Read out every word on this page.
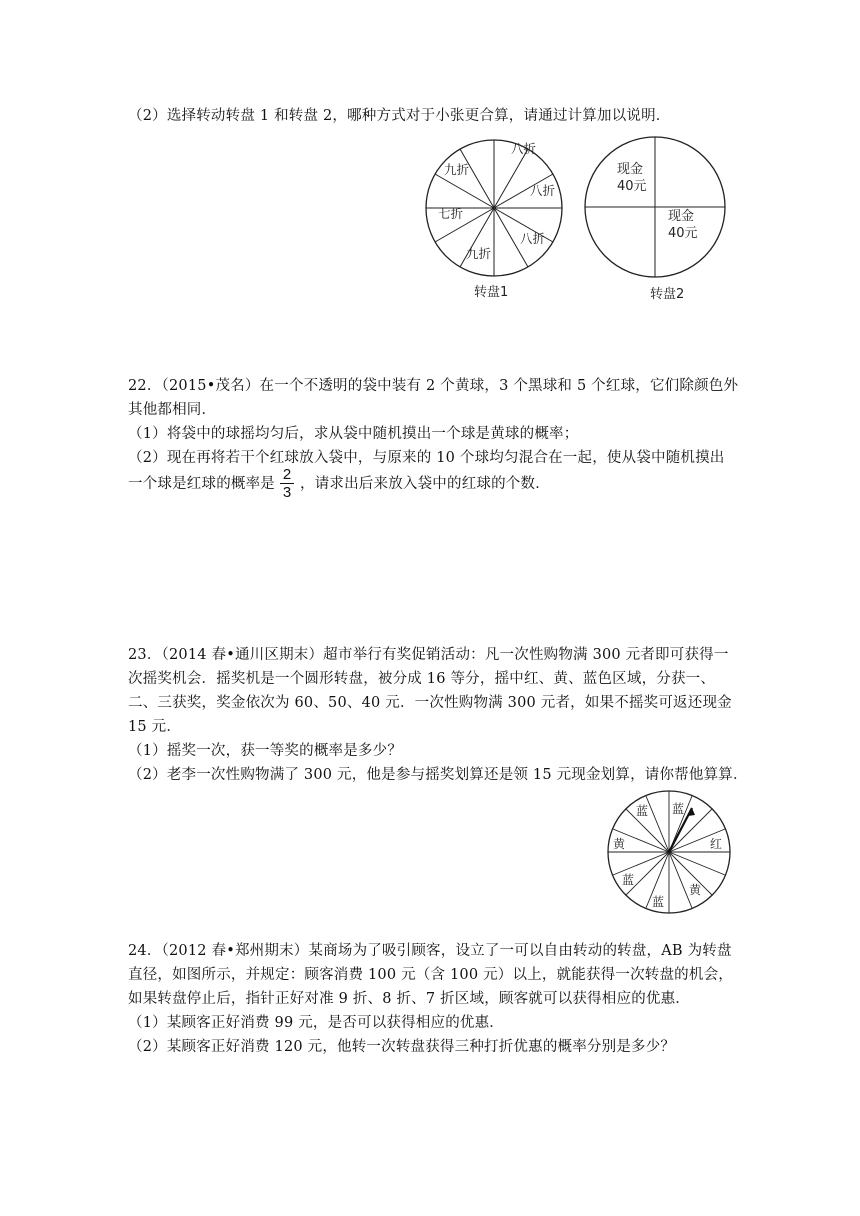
（2）选择转动转盘 1 和转盘 2，哪种方式对于小张更合算，请通过计算加以说明．
八折
九折
八折
七折
八折
九折
转盘1
现金
40元
现金
40元
转盘2
22．（2015•茂名）在一个不透明的袋中装有 2 个黄球，3 个黑球和 5 个红球，它们除颜色外
其他都相同．
（1）将袋中的球摇均匀后，求从袋中随机摸出一个球是黄球的概率；
（2）现在再将若干个红球放入袋中，与原来的 10 个球均匀混合在一起，使从袋中随机摸出
一个球是红球的概率是 $\frac{2}{3}$ ，请求出后来放入袋中的红球的个数．
23．（2014 春•通川区期末）超市举行有奖促销活动：凡一次性购物满 300 元者即可获得一
次摇奖机会．摇奖机是一个圆形转盘，被分成 16 等分，摇中红、黄、蓝色区域，分获一、
二、三获奖，奖金依次为 60、50、40 元．一次性购物满 300 元者，如果不摇奖可返还现金
15 元．
（1）摇奖一次，获一等奖的概率是多少？
（2）老李一次性购物满了 300 元，他是参与摇奖划算还是领 15 元现金划算，请你帮他算算．
蓝 蓝
黄	红
黄
蓝
蓝
24．（2012 春•郑州期末）某商场为了吸引顾客，设立了一可以自由转动的转盘，AB 为转盘
直径，如图所示，并规定：顾客消费 100 元（含 100 元）以上，就能获得一次转盘的机会，
如果转盘停止后，指针正好对准 9 折、8 折、7 折区域，顾客就可以获得相应的优惠．
（1）某顾客正好消费 99 元，是否可以获得相应的优惠．
（2）某顾客正好消费 120 元，他转一次转盘获得三种打折优惠的概率分别是多少？
